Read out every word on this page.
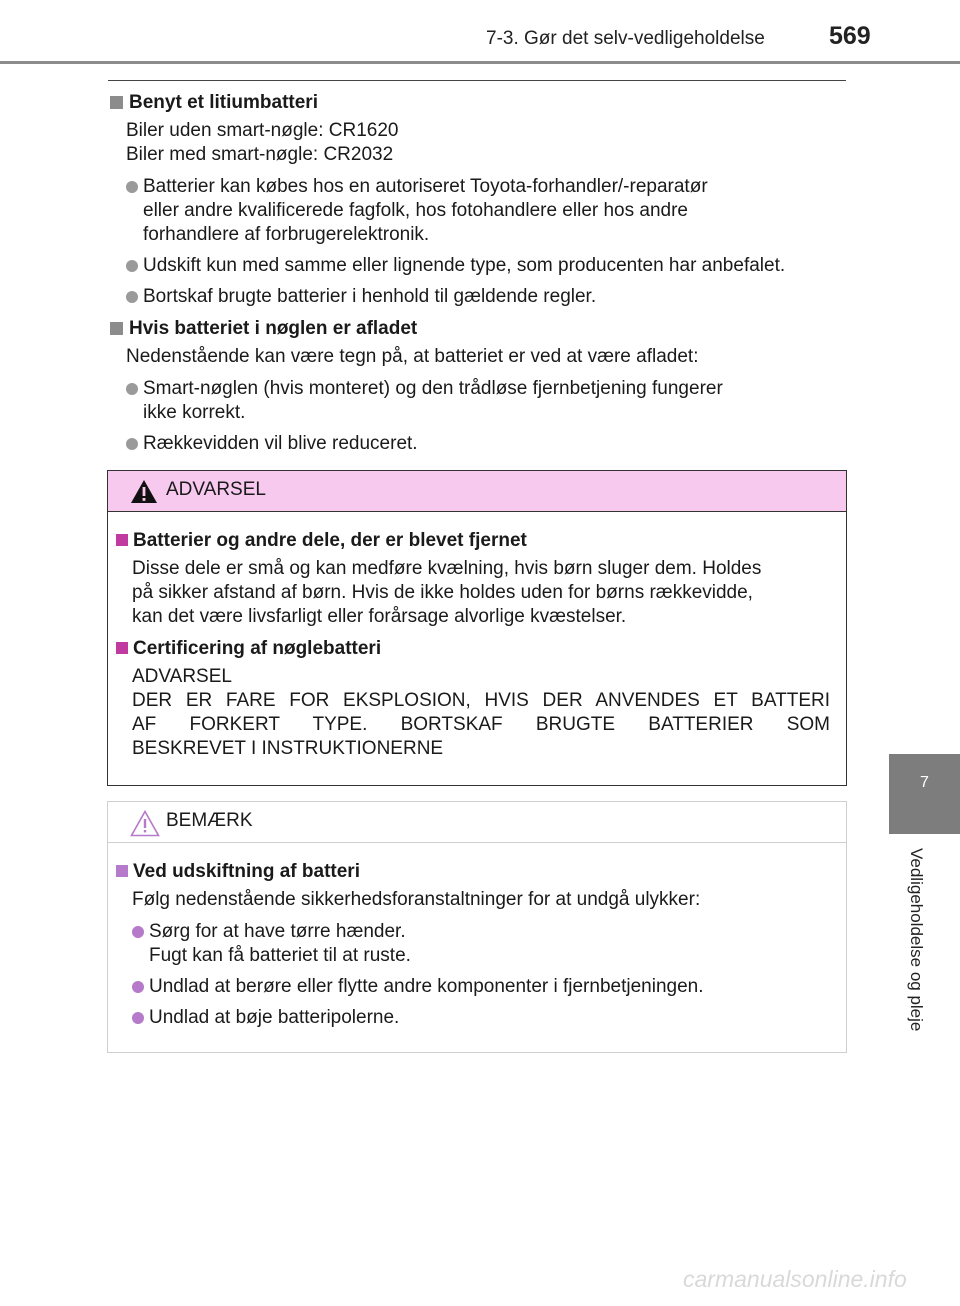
7-3. Gør det selv-vedligeholdelse	569
Benyt et litiumbatteri
Biler uden smart-nøgle: CR1620
Biler med smart-nøgle: CR2032
Batterier kan købes hos en autoriseret Toyota-forhandler/-reparatør
eller andre kvalificerede fagfolk, hos fotohandlere eller hos andre
forhandlere af forbrugerelektronik.
Udskift kun med samme eller lignende type, som producenten har anbefalet.
Bortskaf brugte batterier i henhold til gældende regler.
Hvis batteriet i nøglen er afladet
Nedenstående kan være tegn på, at batteriet er ved at være afladet:
Smart-nøglen (hvis monteret) og den trådløse fjernbetjening fungerer
ikke korrekt.
Rækkevidden vil blive reduceret.
ADVARSEL
Batterier og andre dele, der er blevet fjernet
Disse dele er små og kan medføre kvælning, hvis børn sluger dem. Holdes
på sikker afstand af børn. Hvis de ikke holdes uden for børns rækkevidde,
kan det være livsfarligt eller forårsage alvorlige kvæstelser.
Certificering af nøglebatteri
ADVARSEL
DER ER FARE FOR EKSPLOSION, HVIS DER ANVENDES ET BATTERI
AF FORKERT TYPE. BORTSKAF BRUGTE BATTERIER SOM
BESKREVET I INSTRUKTIONERNE
BEMÆRK
Ved udskiftning af batteri
Følg nedenstående sikkerhedsforanstaltninger for at undgå ulykker:
Sørg for at have tørre hænder.
Fugt kan få batteriet til at ruste.
Undlad at berøre eller flytte andre komponenter i fjernbetjeningen.
Undlad at bøje batteripolerne.
7
Vedligeholdelse og pleje
carmanualsonline.info
